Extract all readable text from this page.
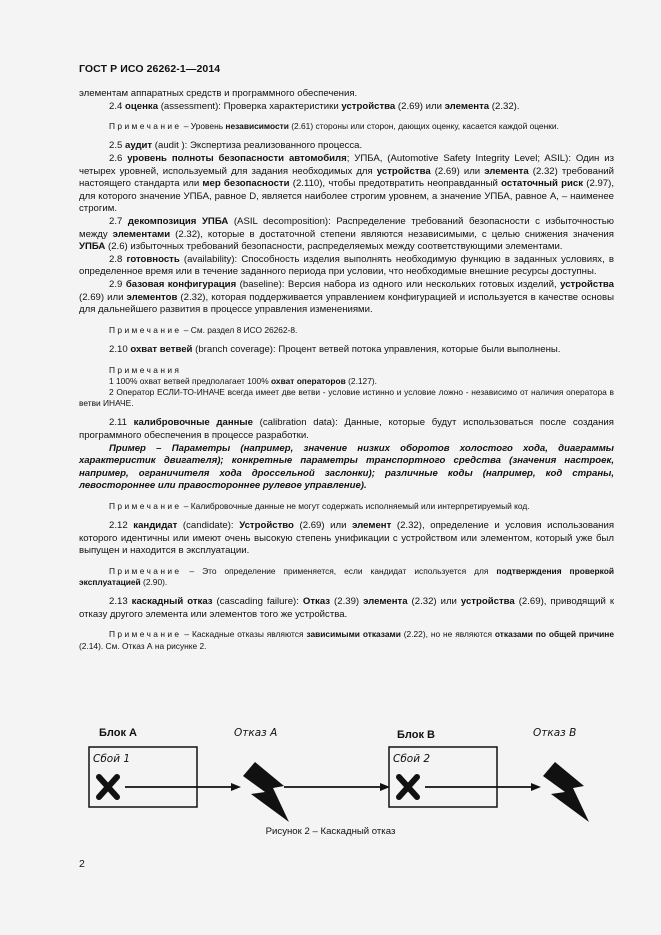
ГОСТ Р ИСО 26262-1—2014

элементам аппаратных средств и программного обеспечения.

2.4 оценка (assessment): Проверка характеристики устройства (2.69) или элемента (2.32).

Примечание – Уровень независимости (2.61) стороны или сторон, дающих оценку, касается каждой оценки.

2.5 аудит (audit ): Экспертиза реализованного процесса.

2.6 уровень полноты безопасности автомобиля; УПБА, (Automotive Safety Integrity Level; ASIL): Один из четырех уровней, используемый для задания необходимых для устройства (2.69) или элемента (2.32) требований настоящего стандарта или мер безопасности (2.110), чтобы предотвратить неоправданный остаточный риск (2.97), для которого значение УПБА, равное D, является наиболее строгим уровнем, а значение УПБА, равное А, – наименее строгим.

2.7 декомпозиция УПБА (ASIL decomposition): Распределение требований безопасности с избыточностью между элементами (2.32), которые в достаточной степени являются независимыми, с целью снижения значения УПБА (2.6) избыточных требований безопасности, распределяемых между соответствующими элементами.

2.8 готовность (availability): Способность изделия выполнять необходимую функцию в заданных условиях, в определенное время или в течение заданного периода при условии, что необходимые внешние ресурсы доступны.

2.9 базовая конфигурация (baseline): Версия набора из одного или нескольких готовых изделий, устройства (2.69) или элементов (2.32), которая поддерживается управлением конфигурацией и используется в качестве основы для дальнейшего развития в процессе управления изменениями.

Примечание – См. раздел 8 ИСО 26262-8.

2.10 охват ветвей (branch coverage): Процент ветвей потока управления, которые были выполнены.

Примечания

1 100% охват ветвей предполагает 100% охват операторов (2.127).

2 Оператор ЕСЛИ-ТО-ИНАЧЕ всегда имеет две ветви - условие истинно и условие ложно - независимо от наличия оператора в ветви ИНАЧЕ.

2.11 калибровочные данные (calibration data): Данные, которые будут использоваться после создания программного обеспечения в процессе разработки.

Пример – Параметры (например, значение низких оборотов холостого хода, диаграммы характеристик двигателя); конкретные параметры транспортного средства (значения настроек, например, ограничителя хода дроссельной заслонки); различные коды (например, код страны, левостороннее или правостороннее рулевое управление).

Примечание – Калибровочные данные не могут содержать исполняемый или интерпретируемый код.

2.12 кандидат (candidate): Устройство (2.69) или элемент (2.32), определение и условия использования которого идентичны или имеют очень высокую степень унификации с устройством или элементом, который уже был выпущен и находится в эксплуатации.

Примечание – Это определение применяется, если кандидат используется для подтверждения проверкой эксплуатацией (2.90).

2.13 каскадный отказ (cascading failure): Отказ (2.39) элемента (2.32) или устройства (2.69), приводящий к отказу другого элемента или элементов того же устройства.

Примечание – Каскадные отказы являются зависимыми отказами (2.22), но не являются отказами по общей причине (2.14). См. Отказ А на рисунке 2.

Блок А	Отказ А	Блок В	Отказ В
Сбой 1	Сбой 2
Рисунок 2 – Каскадный отказ
2
